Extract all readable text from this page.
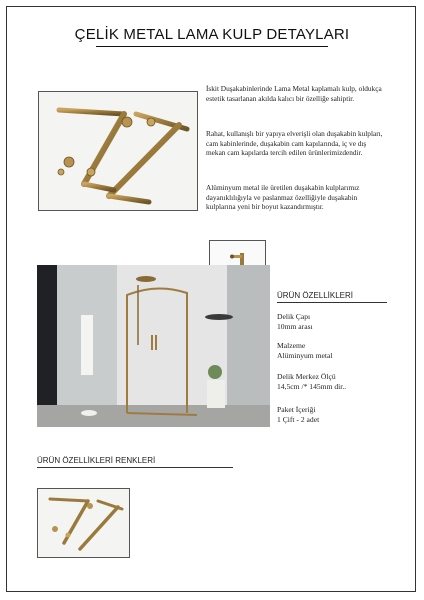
ÇELİK METAL LAMA KULP DETAYLARI
İskit Duşakabinlerinde Lama Metal kaplamalı kulp, oldukça estetik tasarlanan akılda kalıcı bir özelliğe sahiptir.
Rahat, kullanışlı bir yapıya elverişli olan duşakabin kulpları, cam kabinlerinde, duşakabin cam kapılarında, iç ve dış mekan cam kapılarda tercih edilen ürünlerimizdendir.
Alüminyum metal ile üretilen duşakabin kulplarımız dayanıklılığıyla ve paslanmaz özelliğiyle duşakabin kulplarına yeni bir boyut kazandırmıştır.
ÜRÜN ÖZELLİKLERİ
Delik Çapı
10mm arası
Malzeme
Alüminyum metal
Delik Merkez Ölçü
14,5cm /* 145mm dir..
Paket İçeriği
1 Çift - 2 adet
ÜRÜN ÖZELLİKLERİ RENKLERİ
